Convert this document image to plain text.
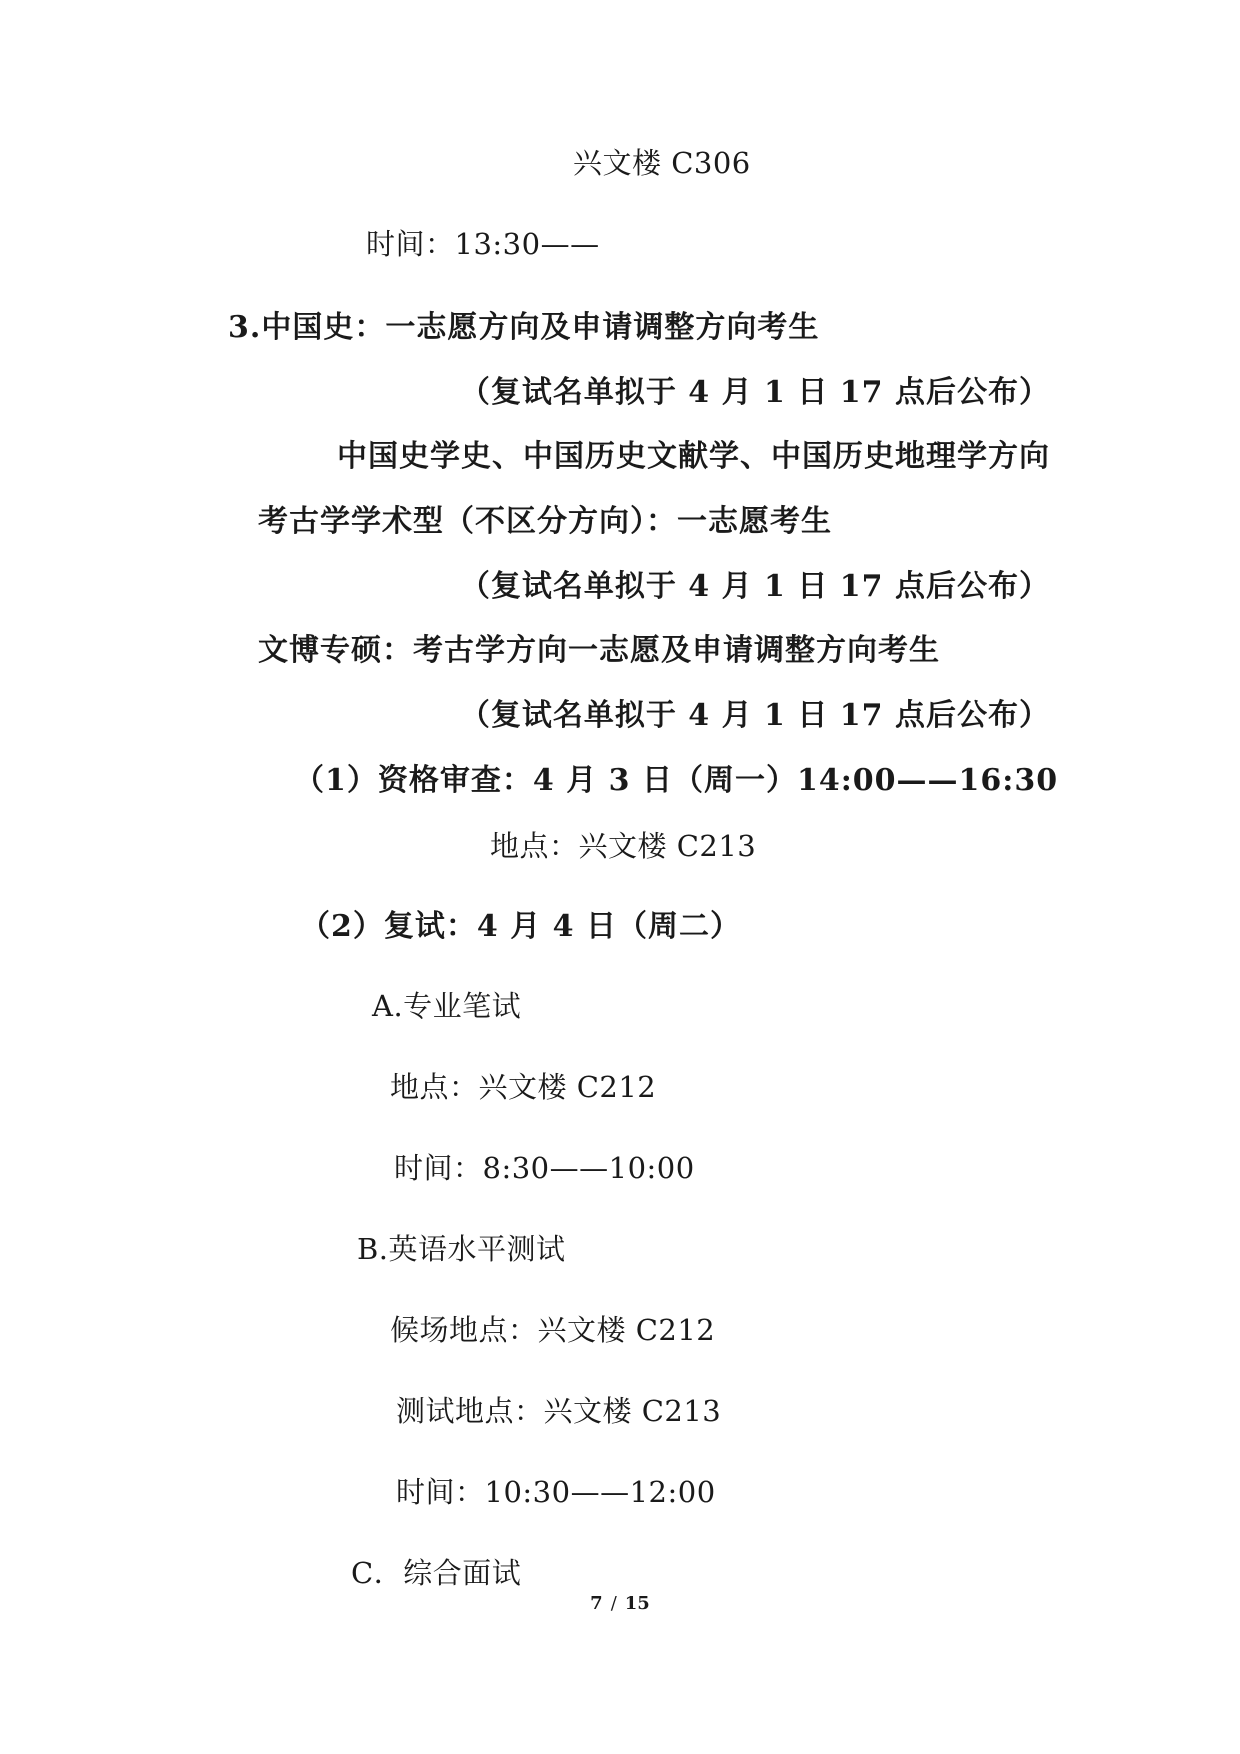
兴文楼 C306
时间：13:30——
3.中国史：一志愿方向及申请调整方向考生
（复试名单拟于 4 月 1 日 17 点后公布）
中国史学史、中国历史文献学、中国历史地理学方向
考古学学术型（不区分方向）：一志愿考生
（复试名单拟于 4 月 1 日 17 点后公布）
文博专硕：考古学方向一志愿及申请调整方向考生
（复试名单拟于 4 月 1 日 17 点后公布）
（1）资格审查：4 月 3 日（周一）14:00——16:30
地点：兴文楼 C213
（2）复试：4 月 4 日（周二）
A.专业笔试
地点：兴文楼 C212
时间：8:30——10:00
B.英语水平测试
候场地点：兴文楼 C212
测试地点：兴文楼 C213
时间：10:30——12:00
C．综合面试
7 / 15
